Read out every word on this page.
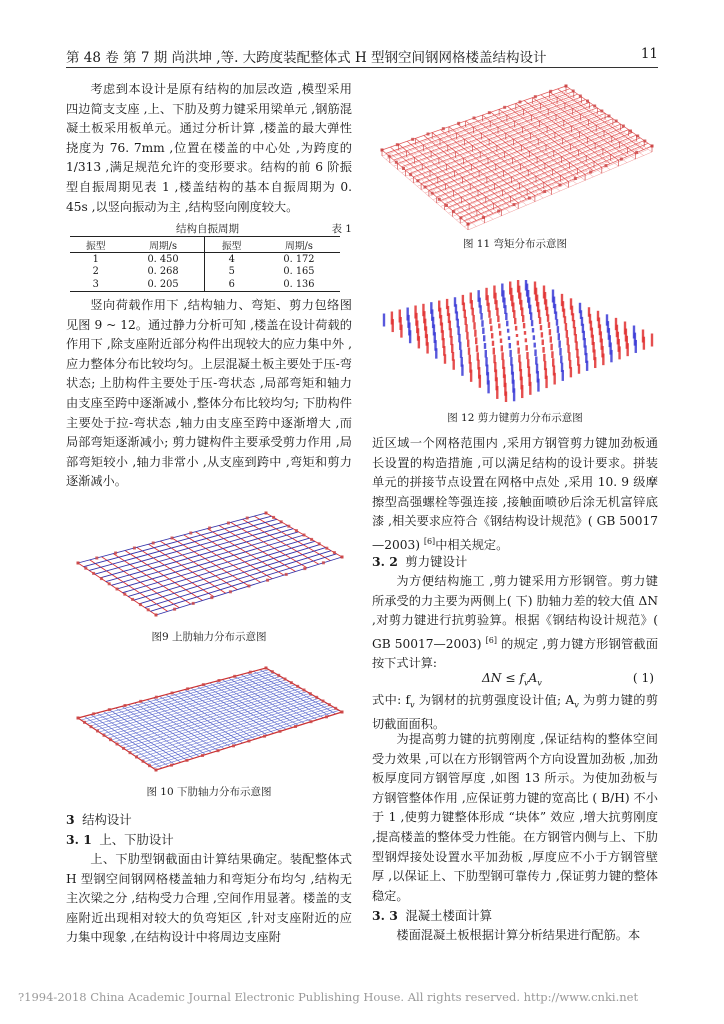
第 48 卷 第 7 期 尚洪坤 ,等. 大跨度装配整体式 H 型钢空间钢网格楼盖结构设计	11

考虑到本设计是原有结构的加层改造 ,模型采用四边简支支座 ,上、下肋及剪力键采用梁单元 ,钢筋混凝土板采用板单元。通过分析计算 ,楼盖的最大弹性挠度为 76. 7mm ,位置在楼盖的中心处 ,为跨度的 1/313 ,满足规范允许的变形要求。结构的前 6 阶振型自振周期见表 1 ,楼盖结构的基本自振周期为 0. 45s ,以竖向振动为主 ,结构竖向刚度较大。

结构自振周期	表 1
振型	周期/s	振型	周期/s
1	0. 450	4	0. 172
2	0. 268	5	0. 165
3	0. 205	6	0. 136

竖向荷载作用下 ,结构轴力、弯矩、剪力包络图见图 9 ~ 12。通过静力分析可知 ,楼盖在设计荷载的作用下 ,除支座附近部分构件出现较大的应力集中外 ,应力整体分布比较均匀。上层混凝土板主要处于压-弯状态; 上肋构件主要处于压-弯状态 ,局部弯矩和轴力由支座至跨中逐渐减小 ,整体分布比较均匀; 下肋构件主要处于拉-弯状态 ,轴力由支座至跨中逐渐增大 ,而局部弯矩逐渐减小; 剪力键构件主要承受剪力作用 ,局部弯矩较小 ,轴力非常小 ,从支座到跨中 ,弯矩和剪力逐渐减小。

图9 上肋轴力分布示意图
图 10 下肋轴力分布示意图
3 结构设计
3. 1 上、下肋设计

上、下肋型钢截面由计算结果确定。装配整体式 H 型钢空间钢网格楼盖轴力和弯矩分布均匀 ,结构无主次梁之分 ,结构受力合理 ,空间作用显著。楼盖的支座附近出现相对较大的负弯矩区 ,针对支座附近的应力集中现象 ,在结构设计中将周边支座附

图 11 弯矩分布示意图
图 12 剪力键剪力分布示意图

近区域一个网格范围内 ,采用方钢管剪力键加劲板通长设置的构造措施 ,可以满足结构的设计要求。拼装单元的拼接节点设置在网格中点处 ,采用 10. 9 级摩擦型高强螺栓等强连接 ,接触面喷砂后涂无机富锌底漆 ,相关要求应符合《钢结构设计规范》( GB 50017—2003) [6]中相关规定。

3. 2 剪力键设计

为方便结构施工 ,剪力键采用方形钢管。剪力键所承受的力主要为两侧上( 下) 肋轴力差的较大值 ΔN ,对剪力键进行抗剪验算。根据《钢结构设计规范》( GB 50017—2003) [6] 的规定 ,剪力键方形钢管截面按下式计算:

$\Delta N \le f_vA_v$	( 1)

式中: $f_v$ 为钢材的抗剪强度设计值; $A_v$ 为剪力键的剪切截面面积。

为提高剪力键的抗剪刚度 ,保证结构的整体空间受力效果 ,可以在方形钢管两个方向设置加劲板 ,加劲板厚度同方钢管厚度 ,如图 13 所示。为使加劲板与方钢管整体作用 ,应保证剪力键的宽高比 ( B/H) 不小于 1 ,使剪力键整体形成 “块体” 效应 ,增大抗剪刚度 ,提高楼盖的整体受力性能。在方钢管内侧与上、下肋型钢焊接处设置水平加劲板 ,厚度应不小于方钢管壁厚 ,以保证上、下肋型钢可靠传力 ,保证剪力键的整体稳定。

3. 3 混凝土楼面计算

楼面混凝土板根据计算分析结果进行配筋。本

?1994-2018 China Academic Journal Electronic Publishing House. All rights reserved. http://www.cnki.net
